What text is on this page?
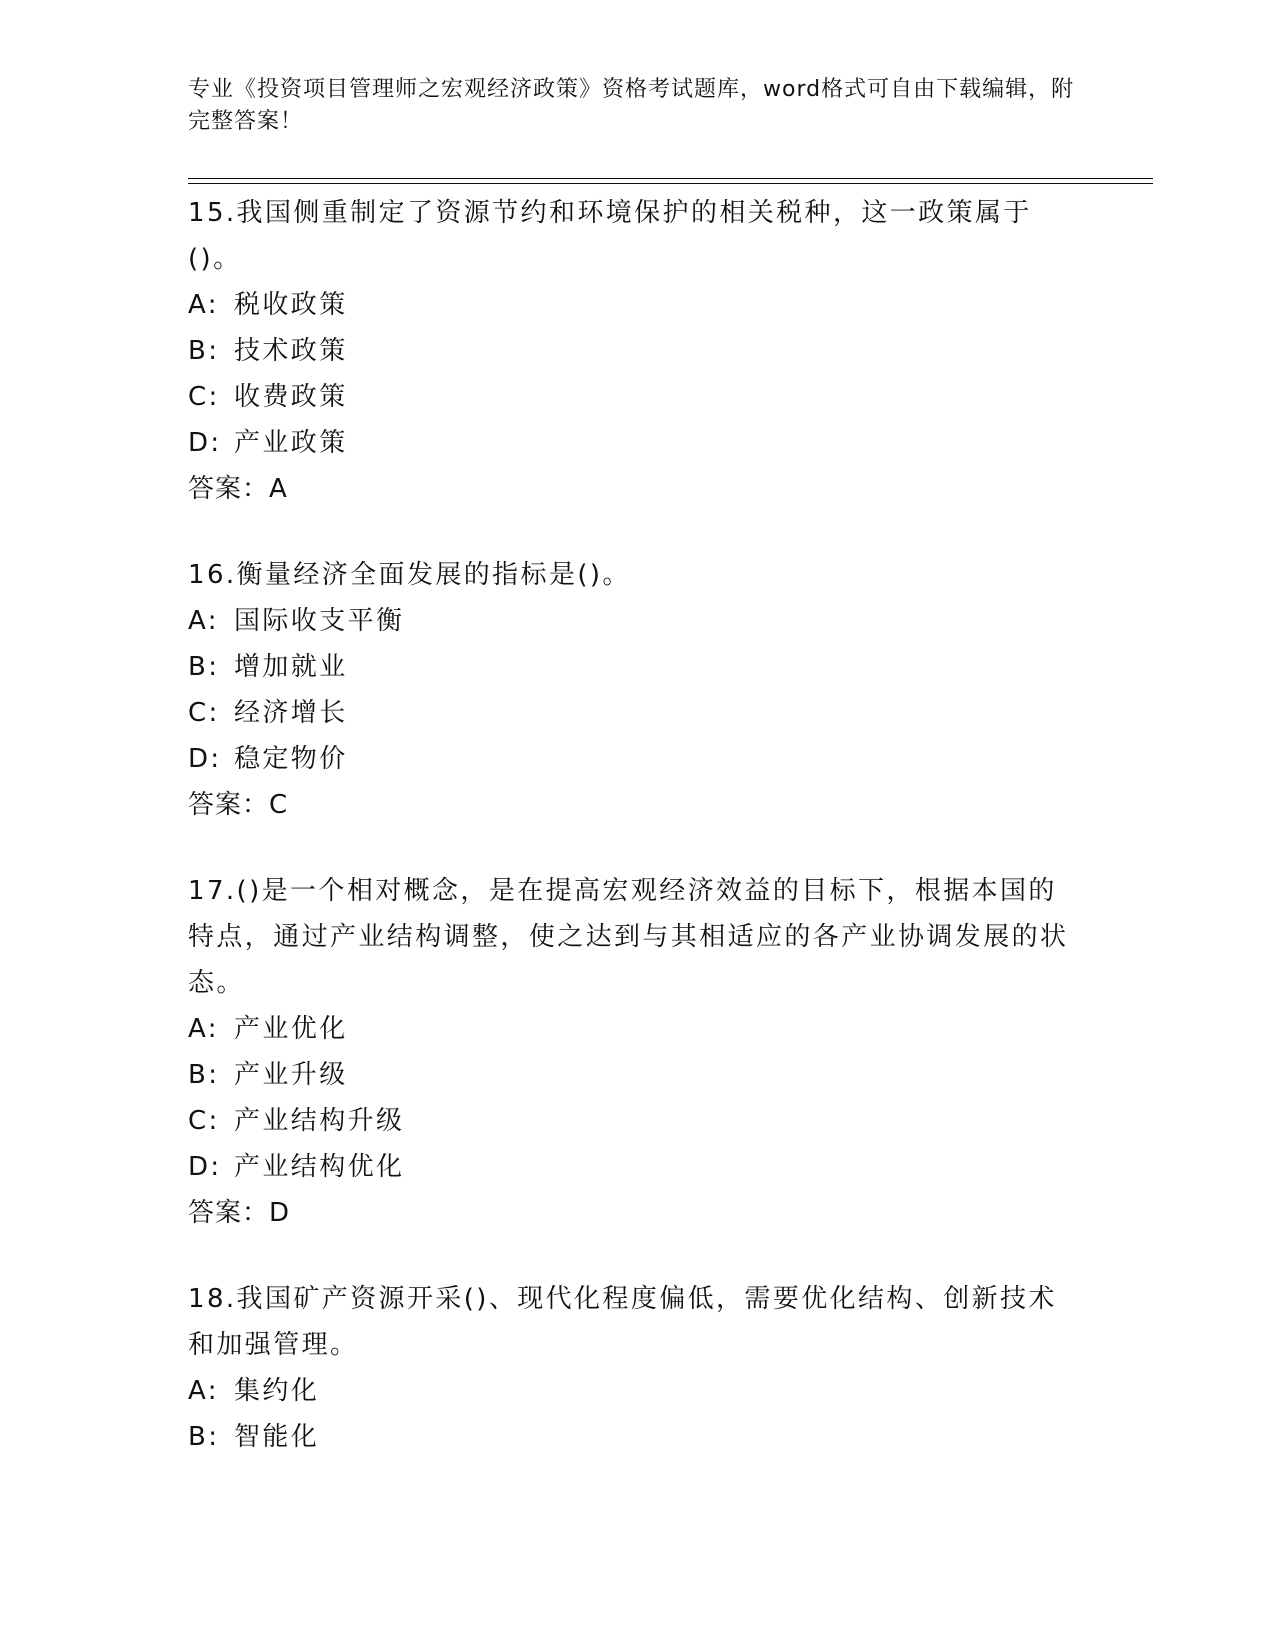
专业《投资项目管理师之宏观经济政策》资格考试题库，word格式可自由下载编辑，附完整答案！
15.我国侧重制定了资源节约和环境保护的相关税种，这一政策属于()。
A: 税收政策
B: 技术政策
C: 收费政策
D: 产业政策
答案：A
16.衡量经济全面发展的指标是()。
A: 国际收支平衡
B: 增加就业
C: 经济增长
D: 稳定物价
答案：C
17.()是一个相对概念，是在提高宏观经济效益的目标下，根据本国的特点，通过产业结构调整，使之达到与其相适应的各产业协调发展的状态。
A: 产业优化
B: 产业升级
C: 产业结构升级
D: 产业结构优化
答案：D
18.我国矿产资源开采()、现代化程度偏低，需要优化结构、创新技术和加强管理。
A: 集约化
B: 智能化
